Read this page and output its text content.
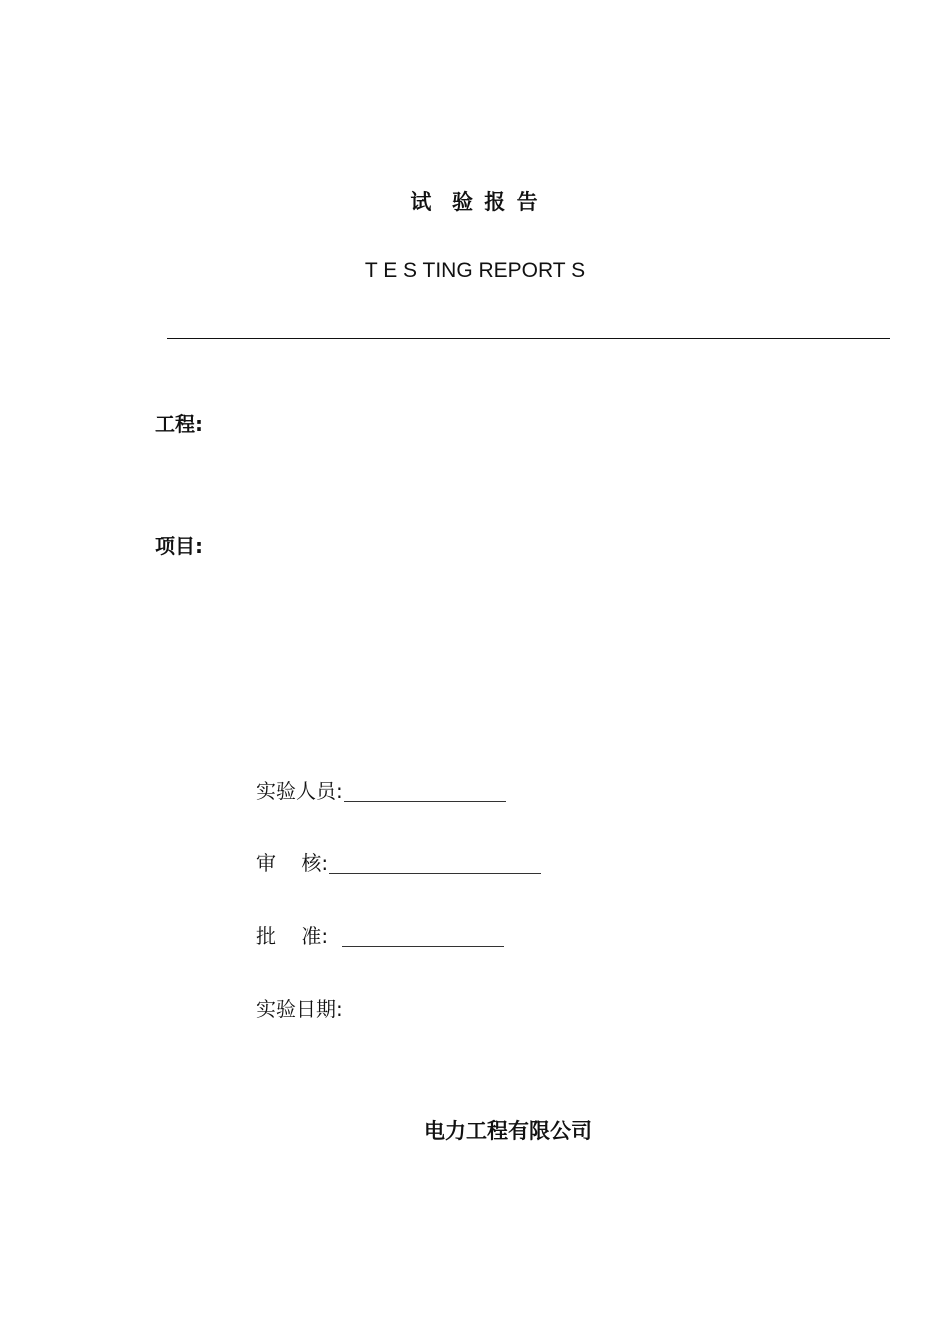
试  验 报 告
T E S TING REPORT S
工程:
项目:
实验人员:
审    核:
批    准:
实验日期:
电力工程有限公司
